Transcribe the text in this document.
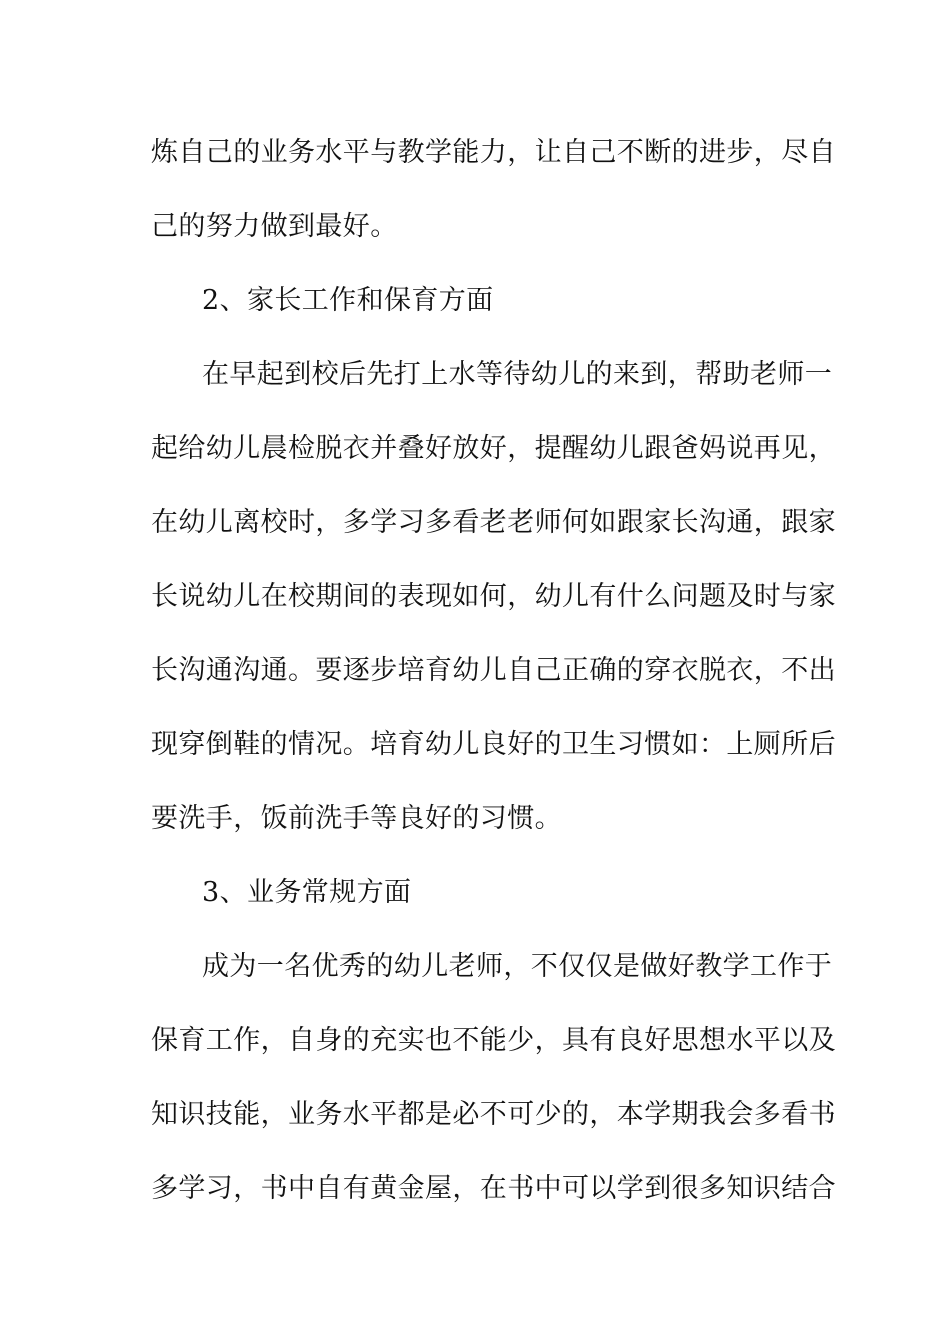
炼自己的业务水平与教学能力，让自己不断的进步，尽自
己的努力做到最好。
2、家长工作和保育方面
在早起到校后先打上水等待幼儿的来到，帮助老师一
起给幼儿晨检脱衣并叠好放好，提醒幼儿跟爸妈说再见，
在幼儿离校时，多学习多看老老师何如跟家长沟通，跟家
长说幼儿在校期间的表现如何，幼儿有什么问题及时与家
长沟通沟通。要逐步培育幼儿自己正确的穿衣脱衣，不出
现穿倒鞋的情况。培育幼儿良好的卫生习惯如：上厕所后
要洗手，饭前洗手等良好的习惯。
3、业务常规方面
成为一名优秀的幼儿老师，不仅仅是做好教学工作于
保育工作，自身的充实也不能少，具有良好思想水平以及
知识技能，业务水平都是必不可少的，本学期我会多看书
多学习，书中自有黄金屋，在书中可以学到很多知识结合
